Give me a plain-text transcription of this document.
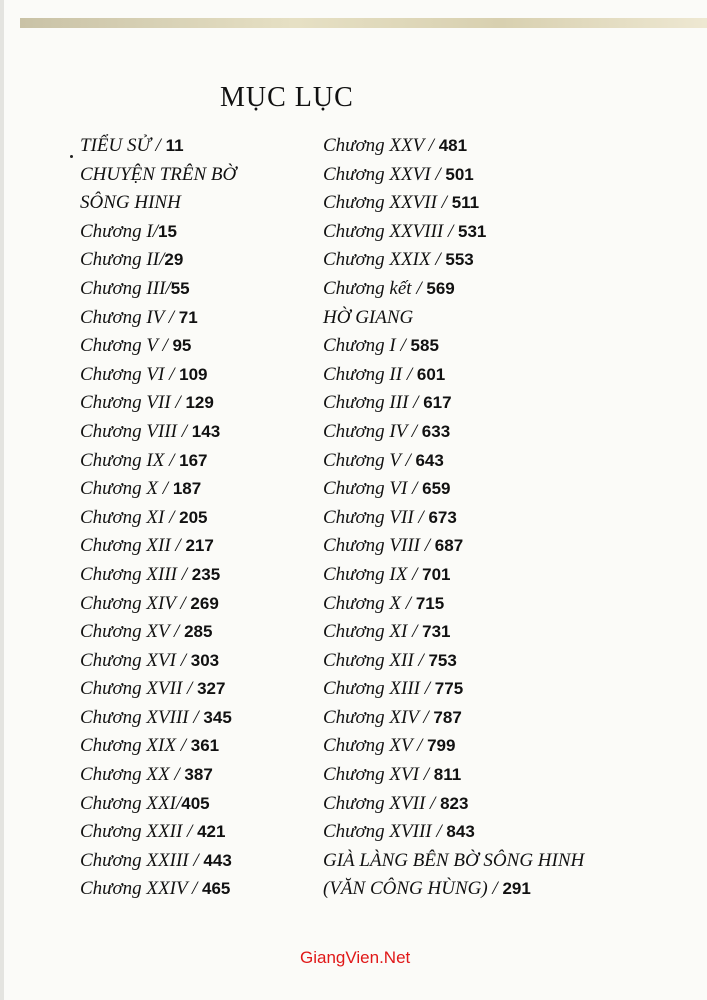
MỤC LỤC
TIỂU SỬ / 11
CHUYỆN TRÊN BỜ
SÔNG HINH
Chương I/15
Chương II/29
Chương III/55
Chương IV / 71
Chương V / 95
Chương VI / 109
Chương VII / 129
Chương VIII / 143
Chương IX / 167
Chương X / 187
Chương XI / 205
Chương XII / 217
Chương XIII / 235
Chương XIV / 269
Chương XV / 285
Chương XVI / 303
Chương XVII / 327
Chương XVIII / 345
Chương XIX / 361
Chương XX / 387
Chương XXI/405
Chương XXII / 421
Chương XXIII / 443
Chương XXIV / 465
Chương XXV / 481
Chương XXVI / 501
Chương XXVII / 511
Chương XXVIII / 531
Chương XXIX / 553
Chương kết / 569
HỜ GIANG
Chương I / 585
Chương II / 601
Chương III / 617
Chương IV / 633
Chương V / 643
Chương VI / 659
Chương VII / 673
Chương VIII / 687
Chương IX / 701
Chương X / 715
Chương XI / 731
Chương XII / 753
Chương XIII / 775
Chương XIV / 787
Chương XV / 799
Chương XVI / 811
Chương XVII / 823
Chương XVIII / 843
GIÀ LÀNG BÊN BỜ SÔNG HINH
(VĂN CÔNG HÙNG) / 291
GiangVien.Net
